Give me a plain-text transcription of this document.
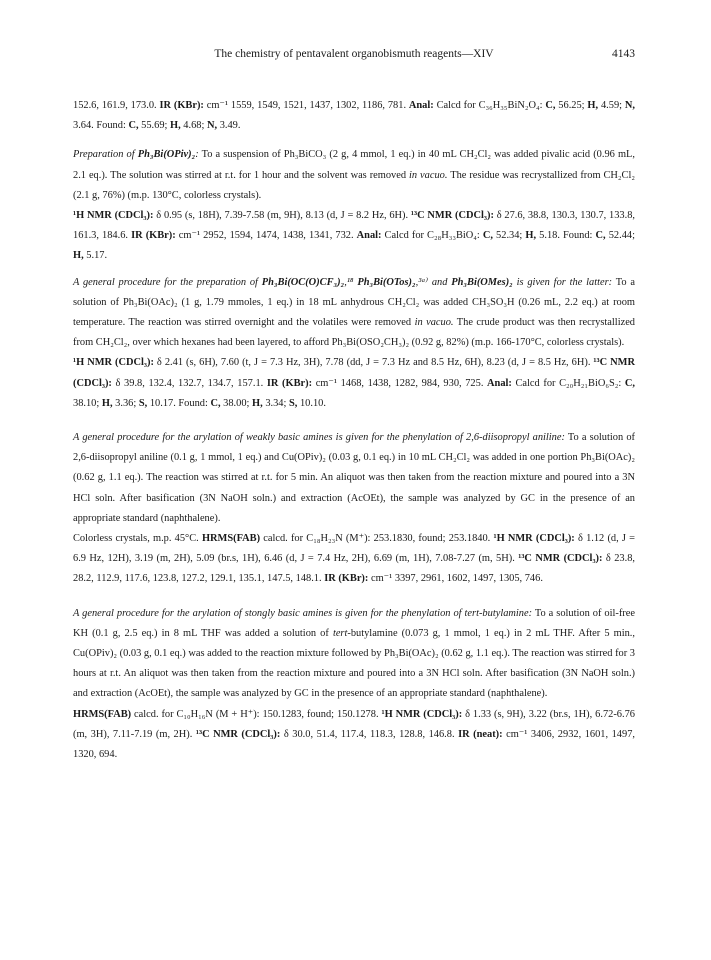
The chemistry of pentavalent organobismuth reagents—XIV	4143

152.6, 161.9, 173.0. IR (KBr): cm⁻¹ 1559, 1549, 1521, 1437, 1302, 1186, 781. Anal: Calcd for C₃₆H₃₅BiN₂O₄: C, 56.25; H, 4.59; N, 3.64. Found: C, 55.69; H, 4.68; N, 3.49.

Preparation of Ph₃Bi(OPiv)₂: To a suspension of Ph₃BiCO₃ (2 g, 4 mmol, 1 eq.) in 40 mL CH₂Cl₂ was added pivalic acid (0.96 mL, 2.1 eq.). The solution was stirred at r.t. for 1 hour and the solvent was removed in vacuo. The residue was recrystallized from CH₂Cl₂ (2.1 g, 76%) (m.p. 130°C, colorless crystals).

¹H NMR (CDCl₃): δ 0.95 (s, 18H), 7.39-7.58 (m, 9H), 8.13 (d, J = 8.2 Hz, 6H). ¹³C NMR (CDCl₃): δ 27.6, 38.8, 130.3, 130.7, 133.8, 161.3, 184.6. IR (KBr): cm⁻¹ 2952, 1594, 1474, 1438, 1341, 732. Anal: Calcd for C₂₈H₃₃BiO₄: C, 52.34; H, 5.18. Found: C, 52.44; H, 5.17.

A general procedure for the preparation of Ph₃Bi(OC(O)CF₃)₂,¹⁸ Ph₃Bi(OTos)₂,³ᵃ⁾ and Ph₃Bi(OMes)₂ is given for the latter: To a solution of Ph₃Bi(OAc)₂ (1 g, 1.79 mmoles, 1 eq.) in 18 mL anhydrous CH₂Cl₂ was added CH₃SO₃H (0.26 mL, 2.2 eq.) at room temperature. The reaction was stirred overnight and the volatiles were removed in vacuo. The crude product was then recrystallized from CH₂Cl₂, over which hexanes had been layered, to afford Ph₃Bi(OSO₂CH₃)₂ (0.92 g, 82%) (m.p. 166-170°C, colorless crystals).

¹H NMR (CDCl₃): δ 2.41 (s, 6H), 7.60 (t, J = 7.3 Hz, 3H), 7.78 (dd, J = 7.3 Hz and 8.5 Hz, 6H), 8.23 (d, J = 8.5 Hz, 6H). ¹³C NMR (CDCl₃): δ 39.8, 132.4, 132.7, 134.7, 157.1. IR (KBr): cm⁻¹ 1468, 1438, 1282, 984, 930, 725. Anal: Calcd for C₂₀H₂₁BiO₆S₂: C, 38.10; H, 3.36; S, 10.17. Found: C, 38.00; H, 3.34; S, 10.10.

A general procedure for the arylation of weakly basic amines is given for the phenylation of 2,6-diisopropyl aniline: To a solution of 2,6-diisopropyl aniline (0.1 g, 1 mmol, 1 eq.) and Cu(OPiv)₂ (0.03 g, 0.1 eq.) in 10 mL CH₂Cl₂ was added in one portion Ph₃Bi(OAc)₂ (0.62 g, 1.1 eq.). The reaction was stirred at r.t. for 5 min. An aliquot was then taken from the reaction mixture and poured into a 3N HCl soln. After basification (3N NaOH soln.) and extraction (AcOEt), the sample was analyzed by GC in the presence of an appropriate standard (naphthalene).

Colorless crystals, m.p. 45°C. HRMS(FAB) calcd. for C₁₈H₂₃N (M⁺): 253.1830, found; 253.1840. ¹H NMR (CDCl₃): δ 1.12 (d, J = 6.9 Hz, 12H), 3.19 (m, 2H), 5.09 (br.s, 1H), 6.46 (d, J = 7.4 Hz, 2H), 6.69 (m, 1H), 7.08-7.27 (m, 5H). ¹³C NMR (CDCl₃): δ 23.8, 28.2, 112.9, 117.6, 123.8, 127.2, 129.1, 135.1, 147.5, 148.1. IR (KBr): cm⁻¹ 3397, 2961, 1602, 1497, 1305, 746.

A general procedure for the arylation of stongly basic amines is given for the phenylation of tert-butylamine: To a solution of oil-free KH (0.1 g, 2.5 eq.) in 8 mL THF was added a solution of tert-butylamine (0.073 g, 1 mmol, 1 eq.) in 2 mL THF. After 5 min., Cu(OPiv)₂ (0.03 g, 0.1 eq.) was added to the reaction mixture followed by Ph₃Bi(OAc)₂ (0.62 g, 1.1 eq.). The reaction was stirred for 3 hours at r.t. An aliquot was then taken from the reaction mixture and poured into a 3N HCl soln. After basification (3N NaOH soln.) and extraction (AcOEt), the sample was analyzed by GC in the presence of an appropriate standard (naphthalene).

HRMS(FAB) calcd. for C₁₀H₁₆N (M + H⁺): 150.1283, found; 150.1278. ¹H NMR (CDCl₃): δ 1.33 (s, 9H), 3.22 (br.s, 1H), 6.72-6.76 (m, 3H), 7.11-7.19 (m, 2H). ¹³C NMR (CDCl₃): δ 30.0, 51.4, 117.4, 118.3, 128.8, 146.8. IR (neat): cm⁻¹ 3406, 2932, 1601, 1497, 1320, 694.
